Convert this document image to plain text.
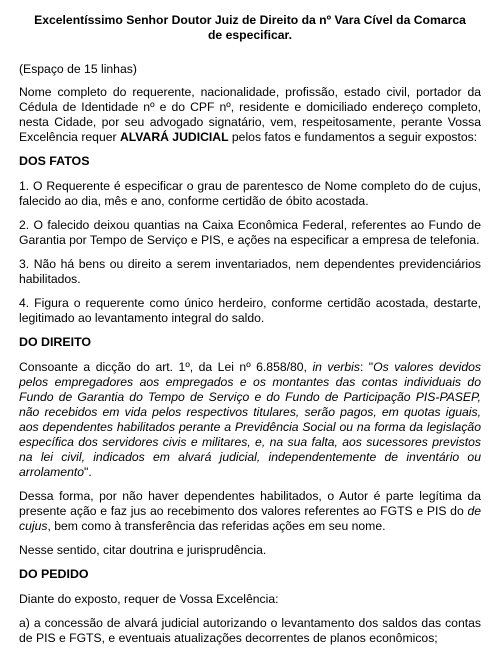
Excelentíssimo Senhor Doutor Juiz de Direito da nº Vara Cível da Comarca
de especificar.

(Espaço de 15 linhas)

Nome completo do requerente, nacionalidade, profissão, estado civil, portador da Cédula de Identidade nº e do CPF nº, residente e domiciliado endereço completo, nesta Cidade, por seu advogado signatário, vem, respeitosamente, perante Vossa Excelência requer ALVARÁ JUDICIAL pelos fatos e fundamentos a seguir expostos:

DOS FATOS

1. O Requerente é especificar o grau de parentesco de Nome completo do de cujus, falecido ao dia, mês e ano, conforme certidão de óbito acostada.

2. O falecido deixou quantias na Caixa Econômica Federal, referentes ao Fundo de Garantia por Tempo de Serviço e PIS, e ações na especificar a empresa de telefonia.

3. Não há bens ou direito a serem inventariados, nem dependentes previdenciários habilitados.

4. Figura o requerente como único herdeiro, conforme certidão acostada, destarte, legitimado ao levantamento integral do saldo.

DO DIREITO

Consoante a dicção do art. 1º, da Lei nº 6.858/80, in verbis: "Os valores devidos pelos empregadores aos empregados e os montantes das contas individuais do Fundo de Garantia do Tempo de Serviço e do Fundo de Participação PIS-PASEP, não recebidos em vida pelos respectivos titulares, serão pagos, em quotas iguais, aos dependentes habilitados perante a Previdência Social ou na forma da legislação específica dos servidores civis e militares, e, na sua falta, aos sucessores previstos na lei civil, indicados em alvará judicial, independentemente de inventário ou arrolamento".

Dessa forma, por não haver dependentes habilitados, o Autor é parte legítima da presente ação e faz jus ao recebimento dos valores referentes ao FGTS e PIS do de cujus, bem como à transferência das referidas ações em seu nome.

Nesse sentido, citar doutrina e jurisprudência.

DO PEDIDO

Diante do exposto, requer de Vossa Excelência:

a) a concessão de alvará judicial autorizando o levantamento dos saldos das contas de PIS e FGTS, e eventuais atualizações decorrentes de planos econômicos;
